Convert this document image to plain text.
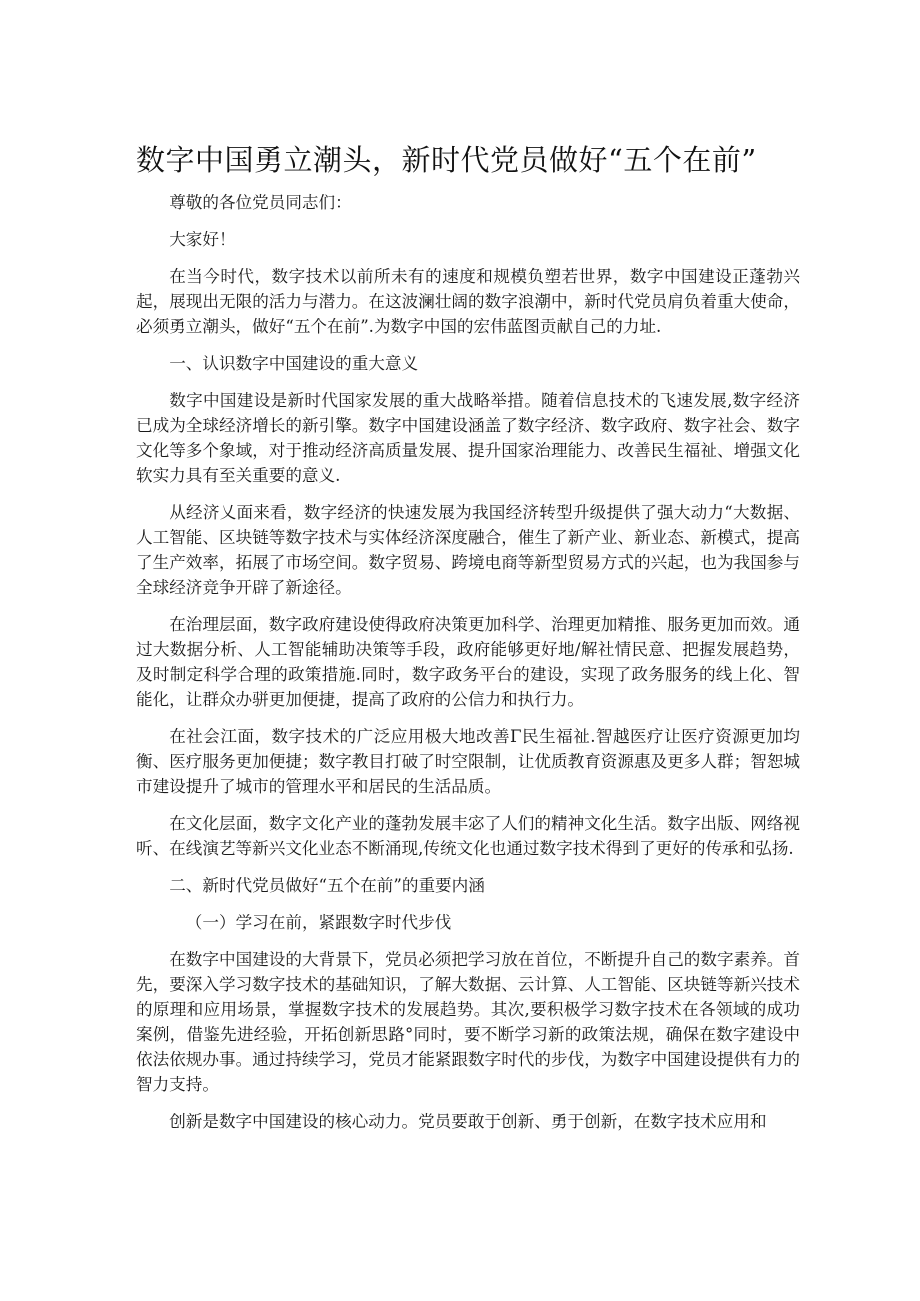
数字中国勇立潮头，新时代党员做好“五个在前”

尊敬的各位党员同志们：

大家好！

在当今时代，数字技术以前所未有的速度和规模负塑若世界，数字中国建设正蓬勃兴起，展现出无限的活力与潜力。在这波澜壮阔的数字浪潮中，新时代党员肩负着重大使命，必须勇立潮头，做好“五个在前”.为数字中国的宏伟蓝图贡献自己的力址.

一、认识数字中国建设的重大意义

数字中国建设是新时代国家发展的重大战略举措。随着信息技术的飞速发展,数字经济已成为全球经济增长的新引擎。数字中国建设涵盖了数字经济、数字政府、数字社会、数字文化等多个象域，对于推动经济高质量发展、提升国家治理能力、改善民生福祉、增强文化软实力具有至关重要的意义.

从经济乂面来看，数字经济的快速发展为我国经济转型升级提供了强大动力“大数据、人工智能、区块链等数字技术与实体经济深度融合，催生了新产业、新业态、新模式，提高了生产效率，拓展了市场空间。数字贸易、跨境电商等新型贸易方式的兴起，也为我国参与全球经济竞争开辟了新途径。

在治理层面，数字政府建设使得政府决策更加科学、治理更加精推、服务更加而效。通过大数据分析、人工智能辅助决策等手段，政府能够更好地/解社情民意、把握发展趋势，及时制定科学合理的政策措施.同时，数字政务平台的建设，实现了政务服务的线上化、智能化，让群众办骈更加便捷，提高了政府的公信力和执行力。

在社会江面，数字技术的广泛应用极大地改善Γ民生福祉.智越医疗让医疗资源更加均衡、医疗服务更加便捷；数字教目打破了时空限制，让优质教育资源惠及更多人群；智恕城市建设提升了城市的管理水平和居民的生活品质。

在文化层面，数字文化产业的蓬勃发展丰宓了人们的精神文化生活。数字出版、网络视听、在线演艺等新兴文化业态不断涌现,传统文化也通过数字技术得到了更好的传承和弘扬.

二、新时代党员做好“五个在前”的重要内涵

（一）学习在前，紧跟数字时代步伐

在数字中国建设的大背景下，党员必须把学习放在首位，不断提升自己的数字素养。首先，要深入学习数字技术的基础知识，了解大数据、云计算、人工智能、区块链等新兴技术的原理和应用场景，掌握数字技术的发展趋势。其次,要积极学习数字技术在各领域的成功案例，借鉴先进经验，开拓创新思路°同时，要不断学习新的政策法规，确保在数字建设中依法依规办事。通过持续学习，党员才能紧跟数字时代的步伐，为数字中国建设提供有力的智力支持。

创新是数字中国建设的核心动力。党员要敢于创新、勇于创新，在数字技术应用和
